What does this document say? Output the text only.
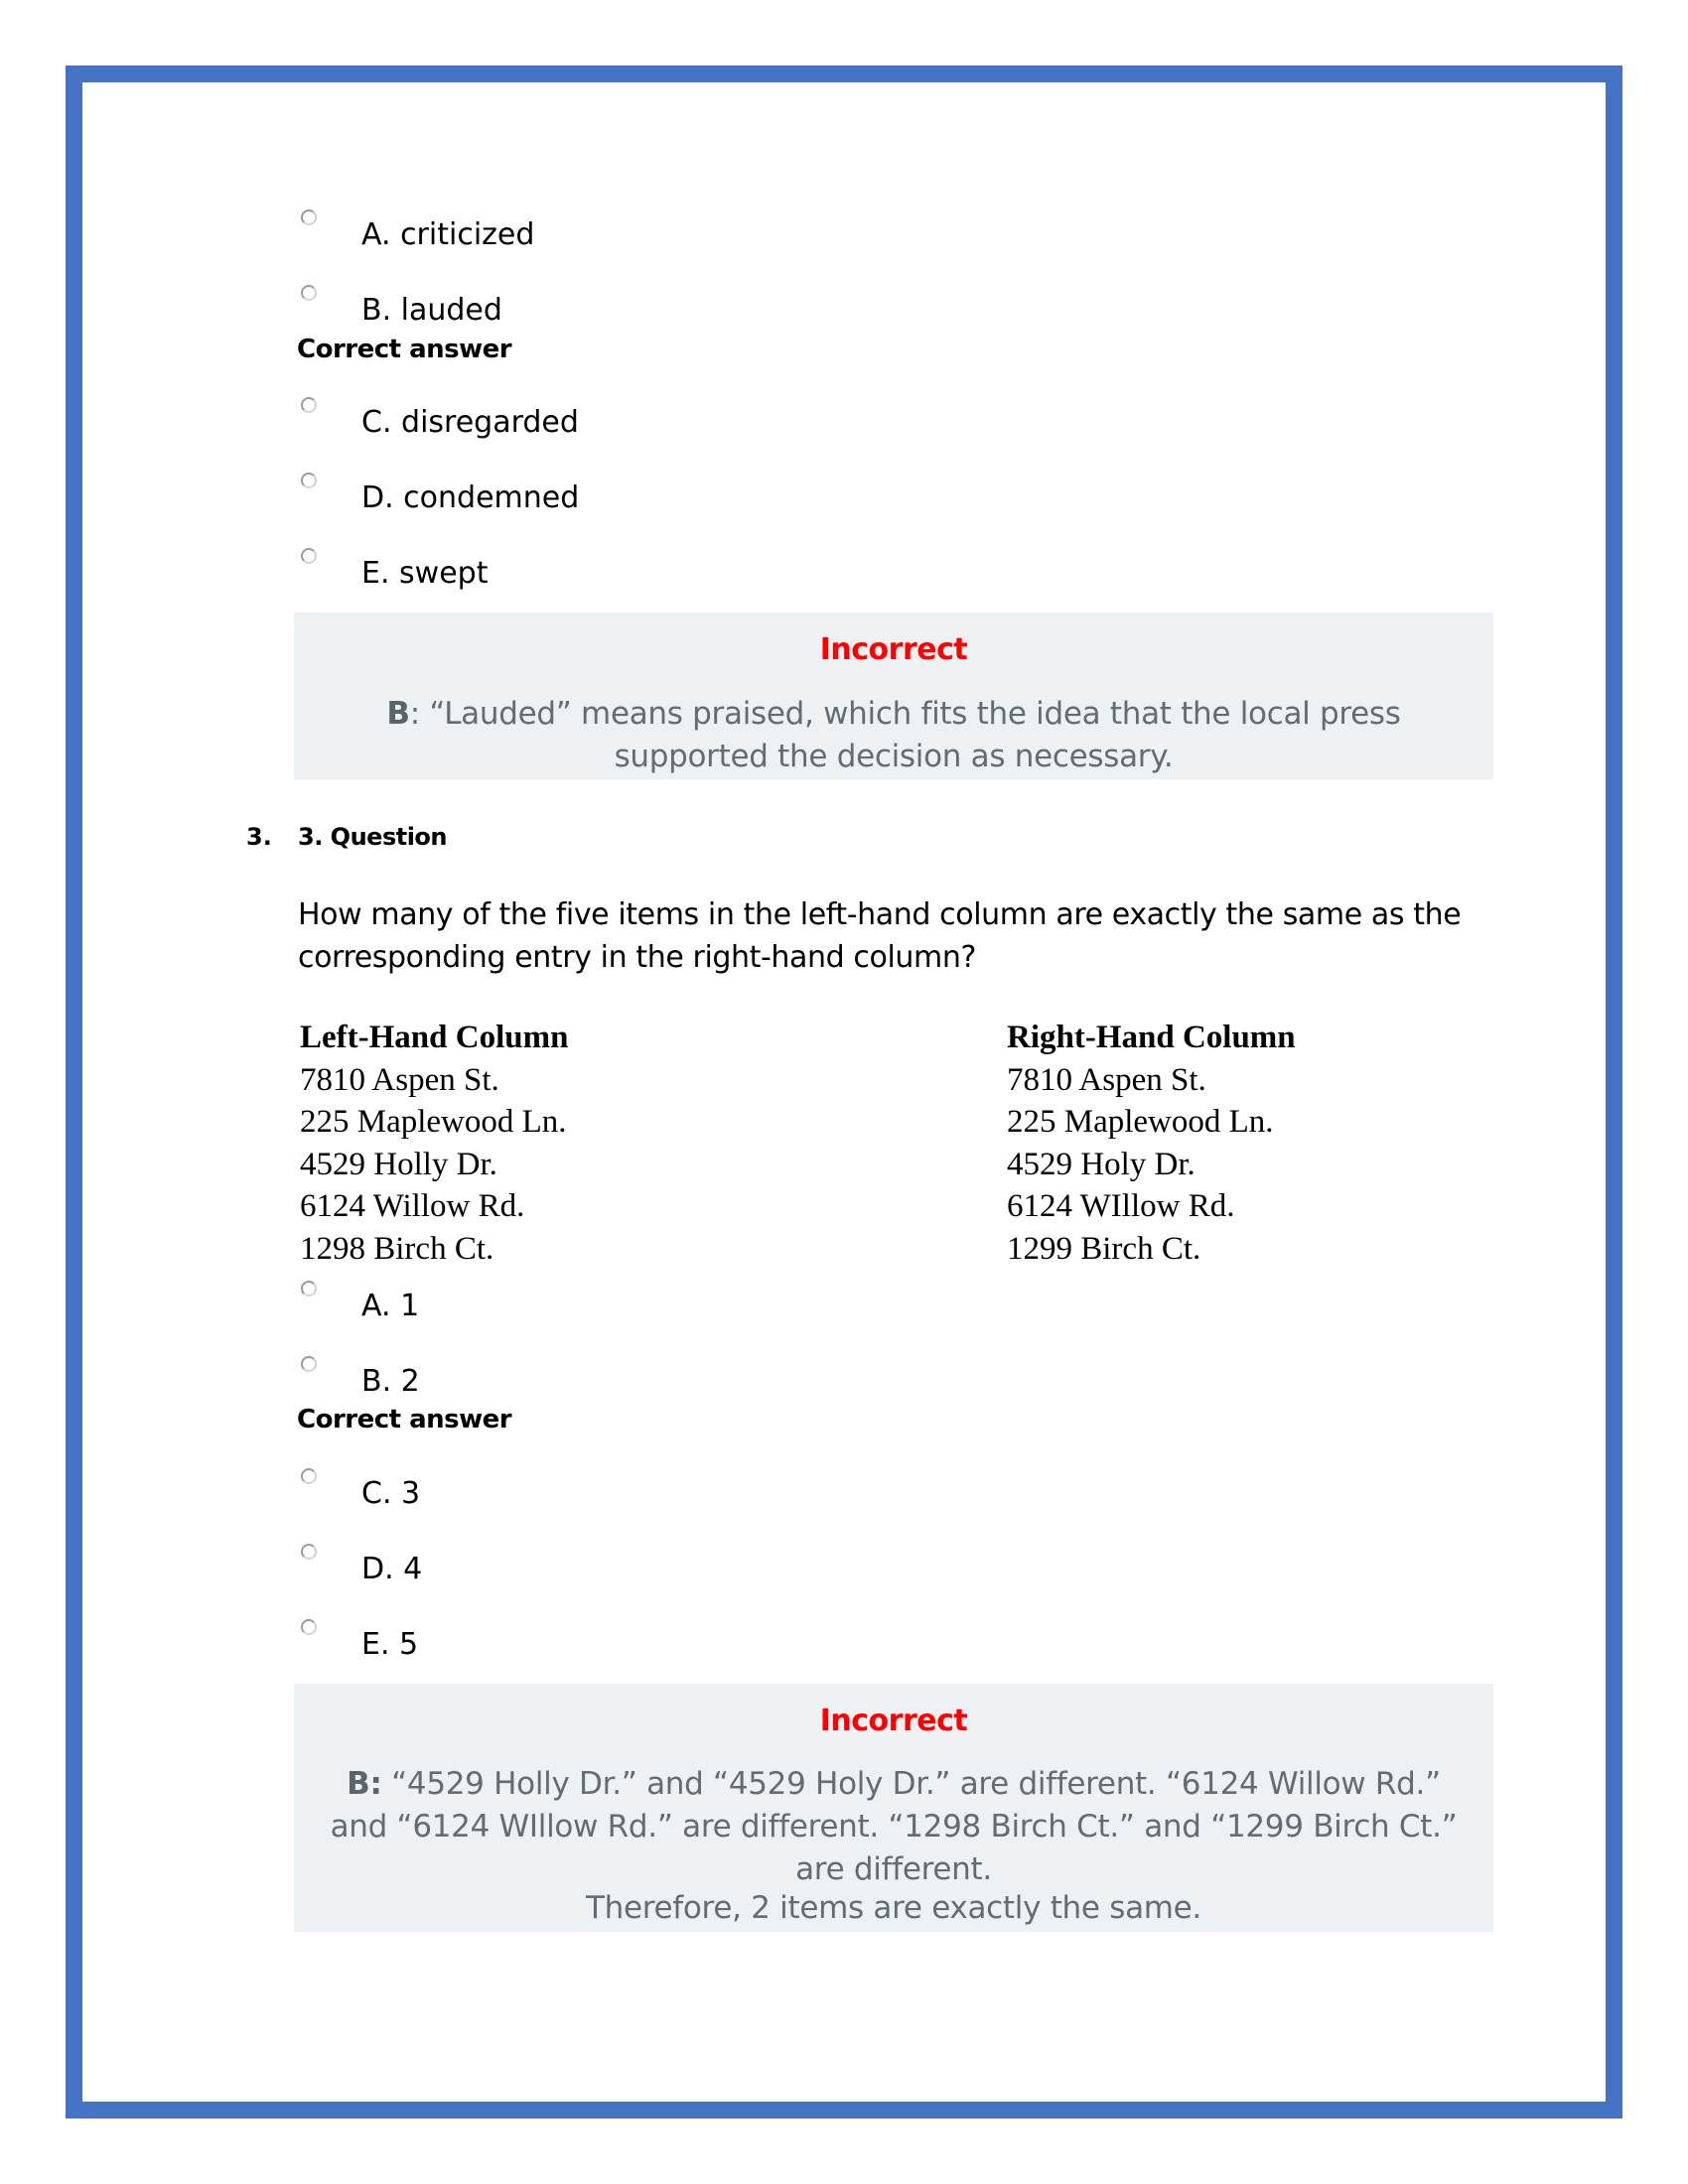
A. criticized
B. lauded
Correct answer
C. disregarded
D. condemned
E. swept
Incorrect
B: “Lauded” means praised, which fits the idea that the local press supported the decision as necessary.
3. 3. Question
How many of the five items in the left-hand column are exactly the same as the corresponding entry in the right-hand column?
Left-Hand Column
7810 Aspen St.
225 Maplewood Ln.
4529 Holly Dr.
6124 Willow Rd.
1298 Birch Ct.
Right-Hand Column
7810 Aspen St.
225 Maplewood Ln.
4529 Holy Dr.
6124 WIllow Rd.
1299 Birch Ct.
A. 1
B. 2
Correct answer
C. 3
D. 4
E. 5
Incorrect
B: “4529 Holly Dr.” and “4529 Holy Dr.” are different. “6124 Willow Rd.” and “6124 WIllow Rd.” are different. “1298 Birch Ct.” and “1299 Birch Ct.” are different.
Therefore, 2 items are exactly the same.
